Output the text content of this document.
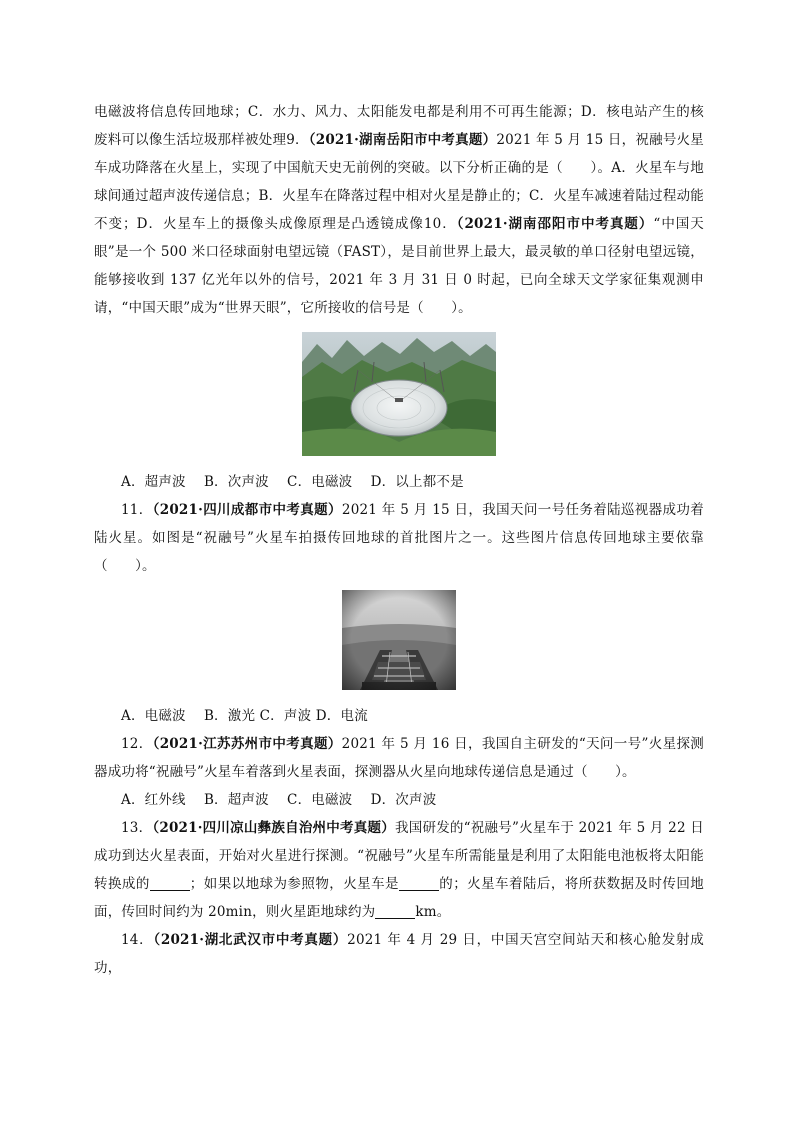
电磁波将信息传回地球；C．水力、风力、太阳能发电都是利用不可再生能源；D．核电站产生的核废料可以像生活垃圾那样被处理9．（2021·湖南岳阳市中考真题）2021 年 5 月 15 日，祝融号火星车成功降落在火星上，实现了中国航天史无前例的突破。以下分析正确的是（　　）。A．火星车与地球间通过超声波传递信息；B．火星车在降落过程中相对火星是静止的；C．火星车减速着陆过程动能不变；D．火星车上的摄像头成像原理是凸透镜成像10．（2021·湖南邵阳市中考真题）“中国天眼”是一个 500 米口径球面射电望远镜（FAST），是目前世界上最大，最灵敏的单口径射电望远镜，能够接收到 137 亿光年以外的信号，2021 年 3 月 31 日 0 时起，已向全球天文学家征集观测申请，“中国天眼”成为“世界天眼”，它所接收的信号是（　　）。

A．超声波　 B．次声波　 C．电磁波　 D．以上都不是

11．（2021·四川成都市中考真题）2021 年 5 月 15 日，我国天问一号任务着陆巡视器成功着陆火星。如图是“祝融号”火星车拍摄传回地球的首批图片之一。这些图片信息传回地球主要依靠（　　）。

A．电磁波　 B．激光 C．声波 D．电流

12．（2021·江苏苏州市中考真题）2021 年 5 月 16 日，我国自主研发的“天问一号”火星探测器成功将“祝融号”火星车着落到火星表面，探测器从火星向地球传递信息是通过（　　）。

A．红外线　 B．超声波　 C．电磁波　 D．次声波

13．（2021·四川凉山彝族自治州中考真题）我国研发的“祝融号”火星车于 2021 年 5 月 22 日成功到达火星表面，开始对火星进行探测。“祝融号”火星车所需能量是利用了太阳能电池板将太阳能转换成的	；如果以地球为参照物，火星车是	的；火星车着陆后，将所获数据及时传回地面，传回时间约为 20min，则火星距地球约为	km。

14．（2021·湖北武汉市中考真题）2021 年 4 月 29 日，中国天宫空间站天和核心舱发射成功，
